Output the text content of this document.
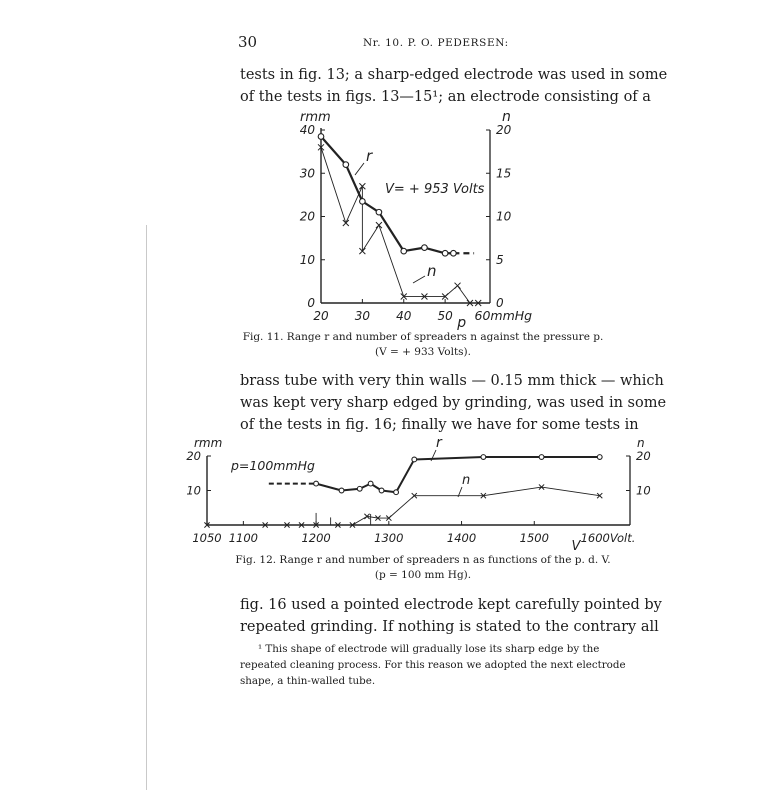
30	Nr. 10. P. O. PEDERSEN:
tests in fig. 13; a sharp-edged electrode was used in some
of the tests in figs. 13—15¹; an electrode consisting of a
0
10
20
30
40
0
5
10
15
20
20 30 40 50 60mmHg
p
rmm	n
r
n
V= + 953 Volts
10	10
20	20
1050 1100	1200	1300	1400	1500	1600Volt.
V
rmm	n
r
n
p=100mmHg
Fig. 11. Range r and number of spreaders n against the pressure p.
(V = + 933 Volts).
brass tube with very thin walls — 0.15 mm thick — which
was kept very sharp edged by grinding, was used in some
of the tests in fig. 16; finally we have for some tests in
Fig. 12. Range r and number of spreaders n as functions of the p. d. V.
(p = 100 mm Hg).
fig. 16 used a pointed electrode kept carefully pointed by
repeated grinding. If nothing is stated to the contrary all
¹ This shape of electrode will gradually lose its sharp edge by the
repeated cleaning process. For this reason we adopted the next electrode
shape, a thin-walled tube.
